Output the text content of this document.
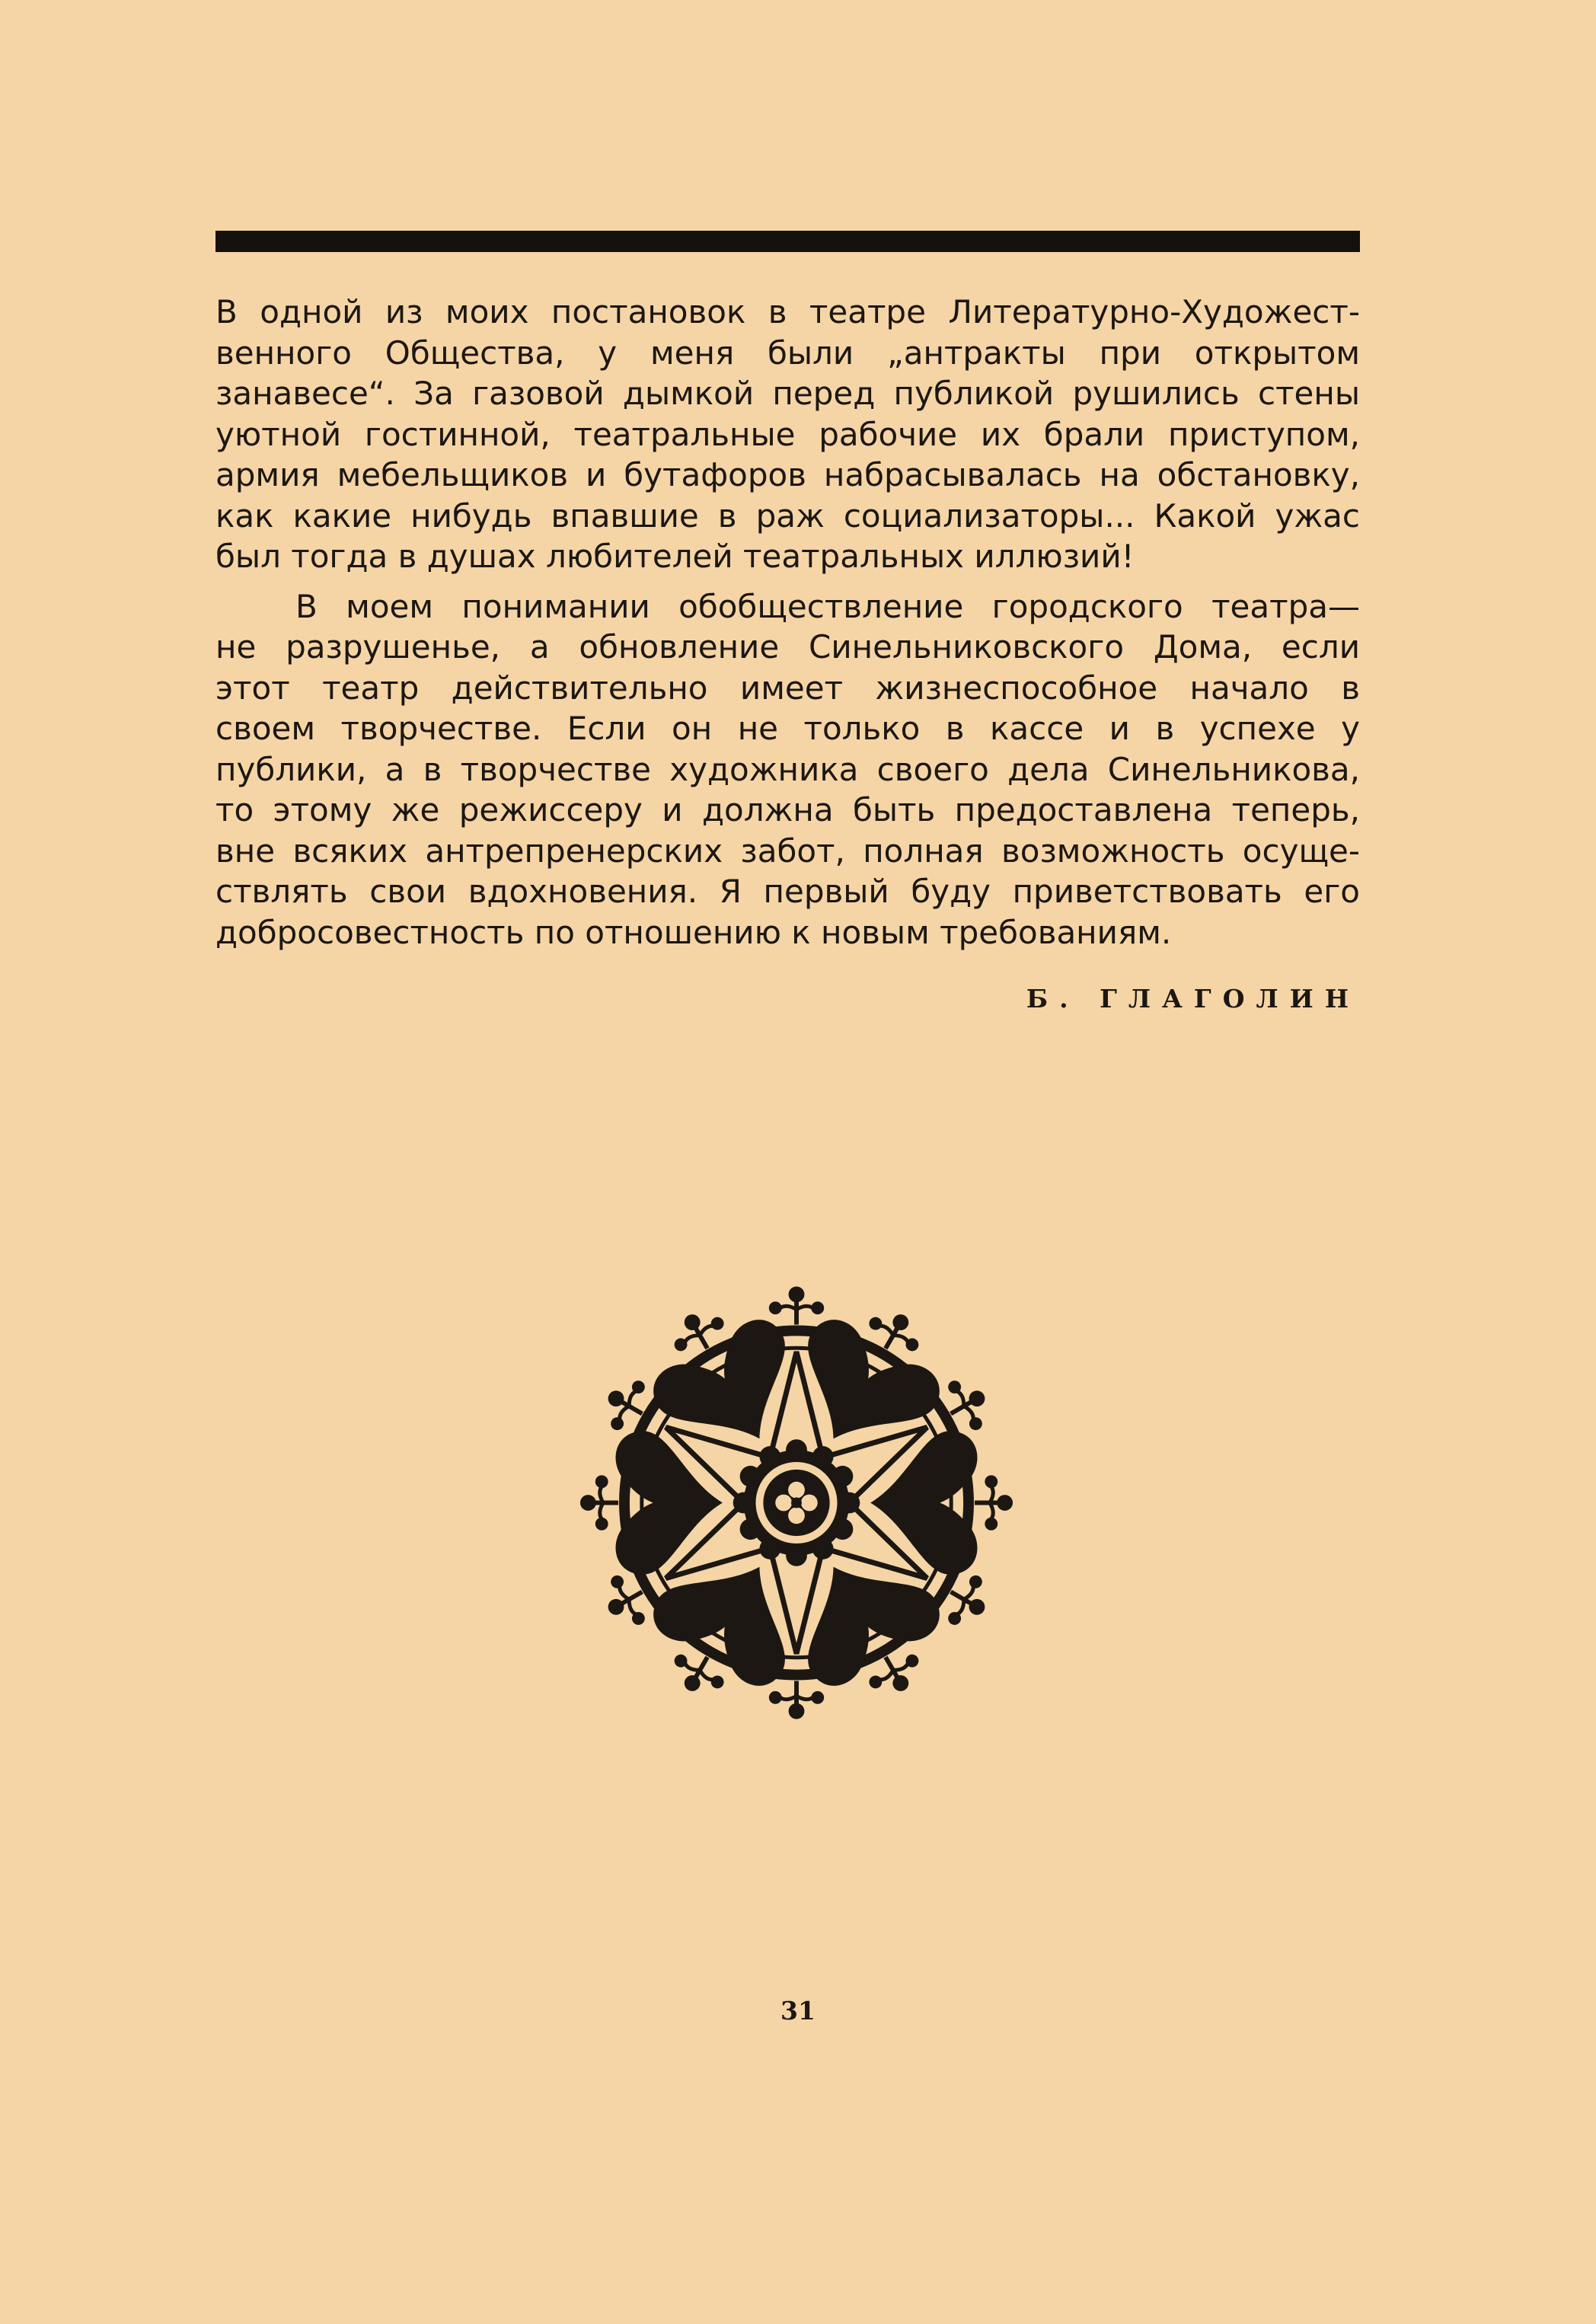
В одной из моих постановок в театре Литературно-Художест-
венного Общества, у меня были „антракты при открытом
занавесе“. За газовой дымкой перед публикой рушились стены
уютной гостинной, театральные рабочие их брали приступом,
армия мебельщиков и бутафоров набрасывалась на обстановку,
как какие нибудь впавшие в раж социализаторы... Какой ужас
был тогда в душах любителей театральных иллюзий!
В моем понимании обобществление городского театра—
не разрушенье, а обновление Синельниковского Дома, если
этот театр действительно имеет жизнеспособное начало в
своем творчестве. Если он не только в кассе и в успехе у
публики, а в творчестве художника своего дела Синельникова,
то этому же режиссеру и должна быть предоставлена теперь,
вне всяких антрепренерских забот, полная возможность осуще-
ствлять свои вдохновения. Я первый буду приветствовать его
добросовестность по отношению к новым требованиям.
Б. ГЛАГОЛИН
31
